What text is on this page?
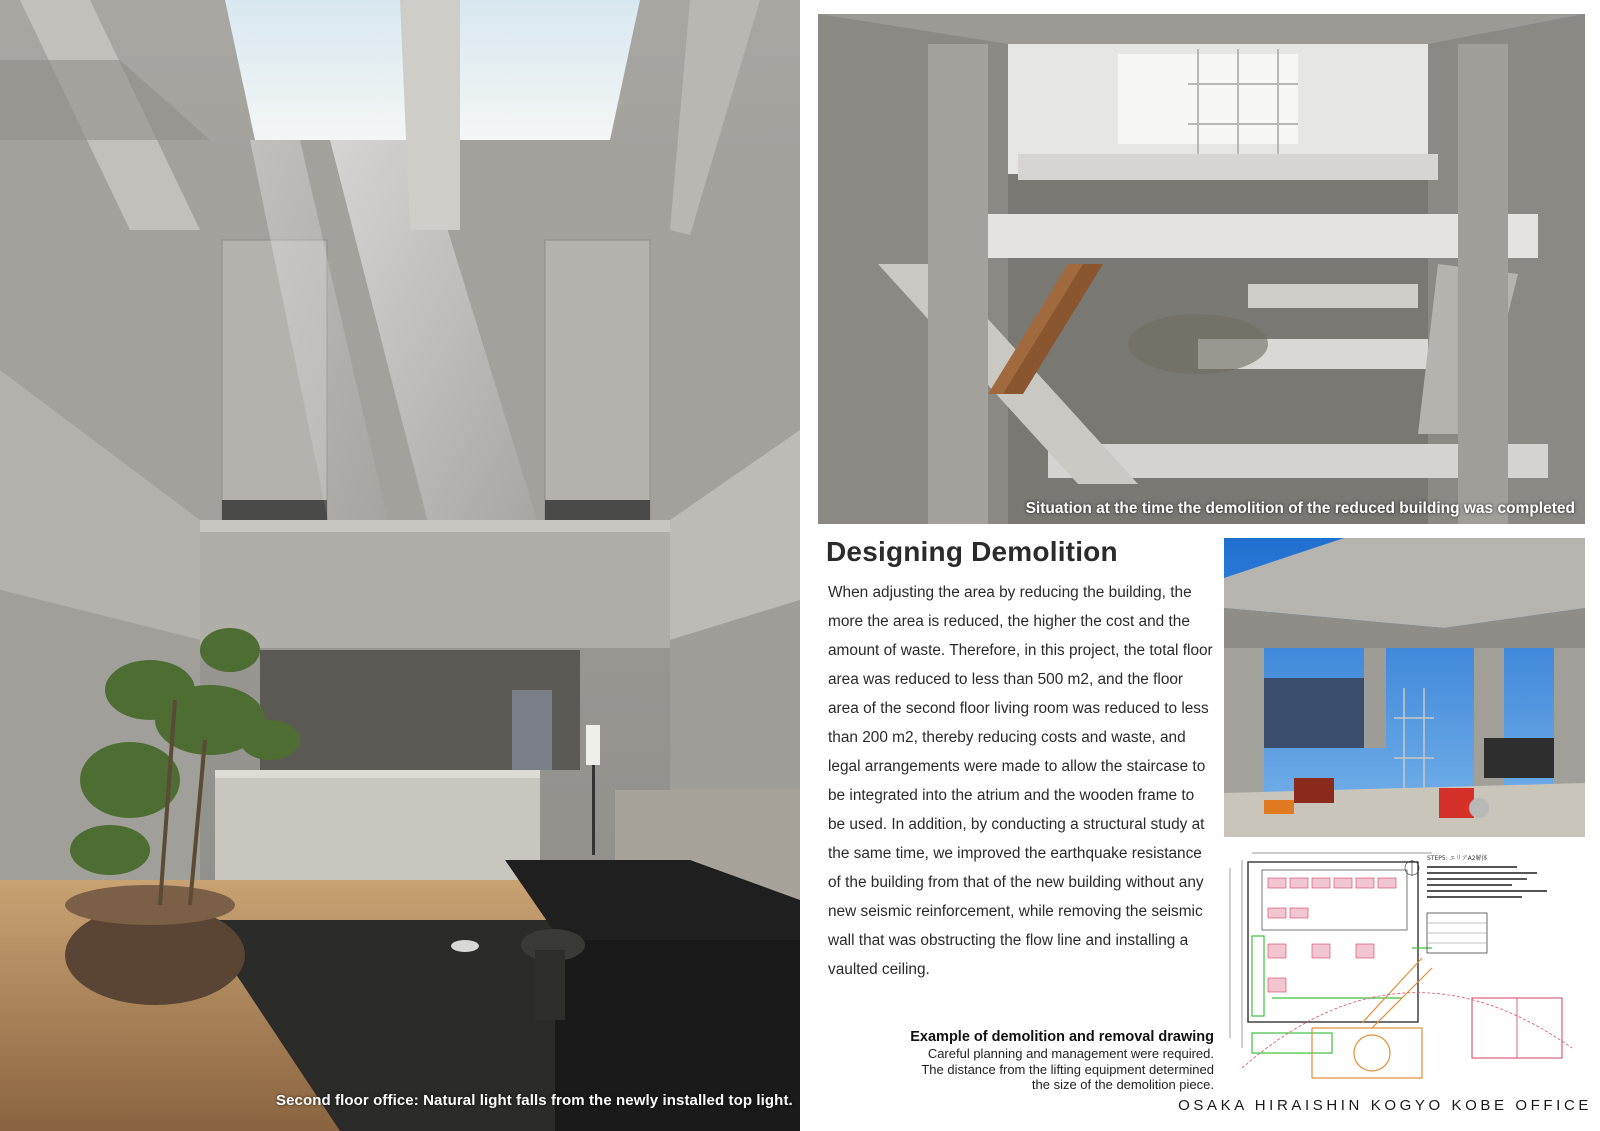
Second floor office: Natural light falls from the newly installed top light.
Situation at the time the demolition of the reduced building was completed
Designing Demolition

When adjusting the area by reducing the building, the more the area is reduced, the higher the cost and the amount of waste. Therefore, in this project, the total floor area was reduced to less than 500 m2, and the floor area of the second floor living room was reduced to less than 200 m2, thereby reducing costs and waste, and legal arrangements were made to allow the staircase to be integrated into the atrium and the wooden frame to be used. In addition, by conducting a structural study at the same time, we improved the earthquake resistance of the building from that of the new building without any new seismic reinforcement, while removing the seismic wall that was obstructing the flow line and installing a vaulted ceiling.

STEP5: エリアA2解体
Example of demolition and removal drawing
Careful planning and management were required.
The distance from the lifting equipment determined
the size of the demolition piece.
OSAKA HIRAISHIN KOGYO KOBE OFFICE
